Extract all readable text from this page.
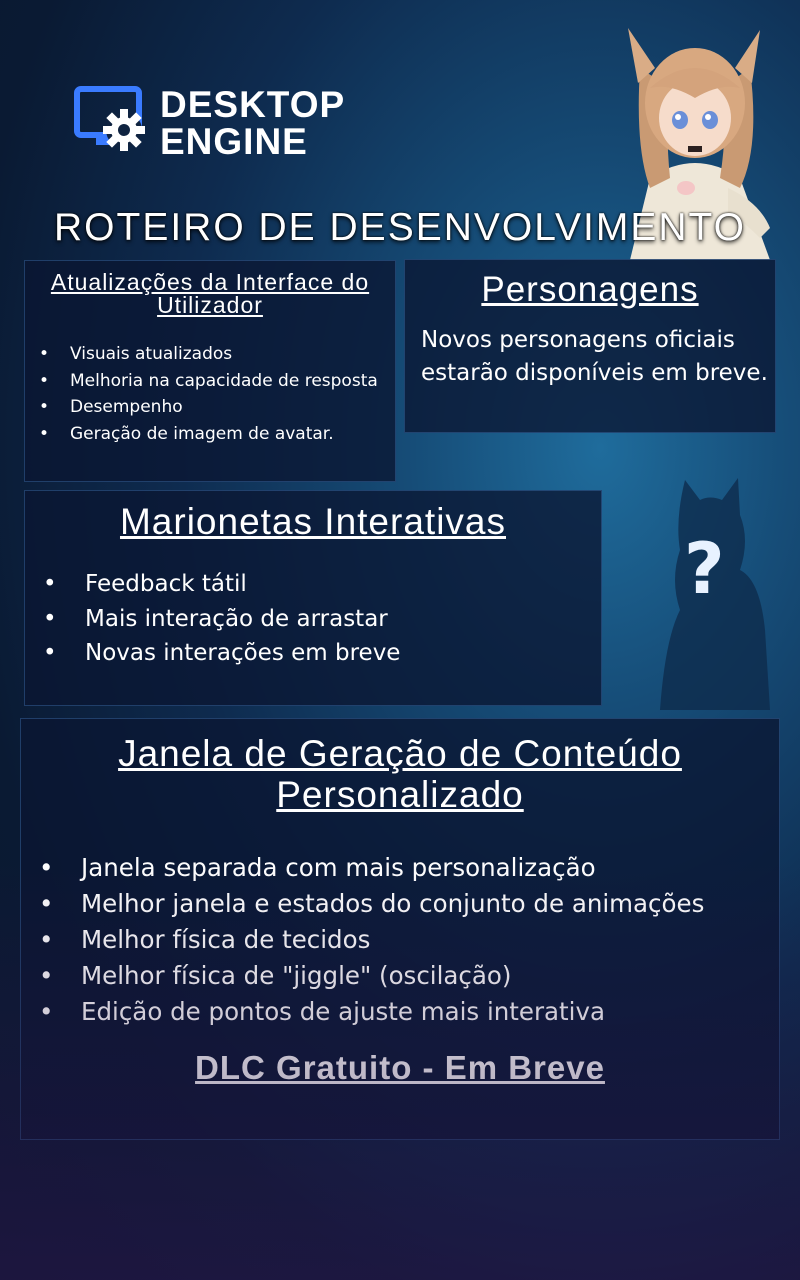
DESKTOP
ENGINE
ROTEIRO DE DESENVOLVIMENTO
Atualizações da Interface do Utilizador
• Visuais atualizados
• Melhoria na capacidade de resposta
• Desempenho
• Geração de imagem de avatar.
Personagens

Novos personagens oficiais estarão disponíveis em breve.

Marionetas Interativas
• Feedback tátil
• Mais interação de arrastar
• Novas interações em breve
?
Janela de Geração de Conteúdo Personalizado
• Janela separada com mais personalização
• Melhor janela e estados do conjunto de animações
• Melhor física de tecidos
• Melhor física de "jiggle" (oscilação)
• Edição de pontos de ajuste mais interativa
DLC Gratuito - Em Breve
